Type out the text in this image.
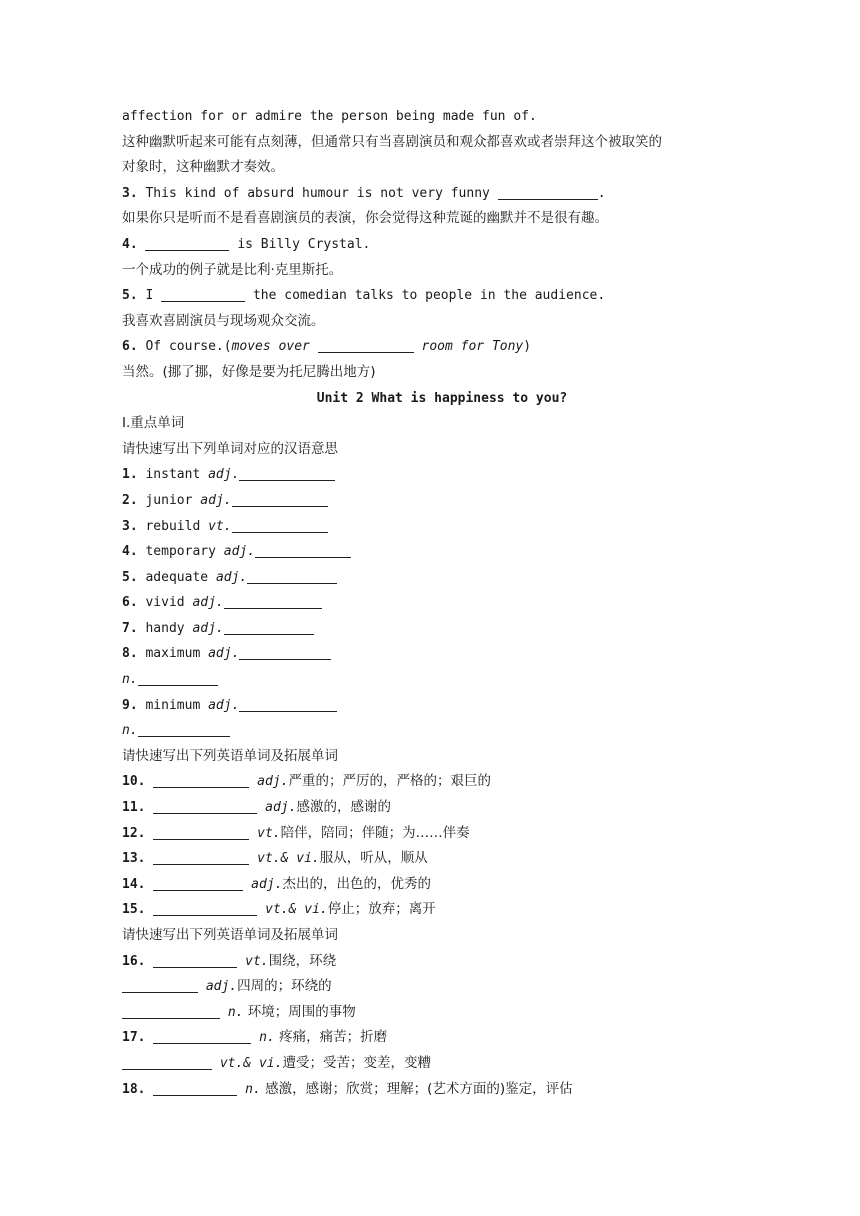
affection for or admire the person being made fun of.
这种幽默听起来可能有点刻薄，但通常只有当喜剧演员和观众都喜欢或者崇拜这个被取笑的
对象时，这种幽默才奏效。
3. This kind of absurd humour is not very funny	.
如果你只是听而不是看喜剧演员的表演，你会觉得这种荒诞的幽默并不是很有趣。
4.	is Billy Crystal.
一个成功的例子就是比利·克里斯托。
5. I	the comedian talks to people in the audience.
我喜欢喜剧演员与现场观众交流。
6. Of course.(moves over	room for Tony)
当然。(挪了挪，好像是要为托尼腾出地方)
Unit 2 What is happiness to you?
Ⅰ.重点单词
请快速写出下列单词对应的汉语意思
1. instant adj.
2. junior adj.
3. rebuild vt.
4. temporary adj.
5. adequate adj.
6. vivid adj.
7. handy adj.
8. maximum adj.
n.
9. minimum adj.
n.
请快速写出下列英语单词及拓展单词
10.	adj.严重的；严厉的，严格的；艰巨的
11.	adj.感激的，感谢的
12.	vt.陪伴，陪同；伴随；为……伴奏
13.	vt.& vi.服从，听从，顺从
14.	adj.杰出的，出色的，优秀的
15.	vt.& vi.停止；放弃；离开
请快速写出下列英语单词及拓展单词
16.	vt.围绕，环绕
adj.四周的；环绕的
n. 环境；周围的事物
17.	n. 疼痛，痛苦；折磨
vt.& vi.遭受；受苦；变差，变糟
18.	n. 感激，感谢；欣赏；理解；(艺术方面的)鉴定，评估
